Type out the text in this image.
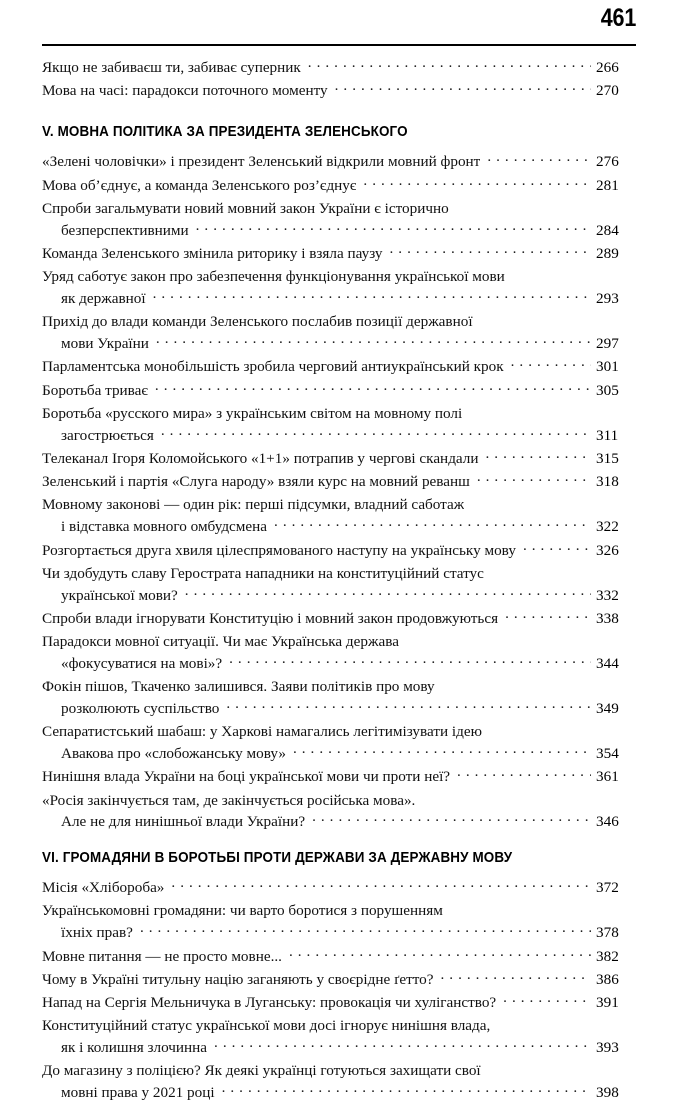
461
Якщо не забиваєш ти, забиває суперник . . .	266
Мова на часі: парадокси поточного моменту . . .	270
V. МОВНА ПОЛІТИКА ЗА ПРЕЗИДЕНТА ЗЕЛЕНСЬКОГО
«Зелені чоловічки» і президент Зеленський відкрили мовний фронт . . .	276
Мова об’єднує, а команда Зеленського роз’єднує . . .	281
Спроби загальмувати новий мовний закон України є історично
безперспективними . . .	284
Команда Зеленського змінила риторику і взяла паузу . . .	289
Уряд саботує закон про забезпечення функціонування української мови
як державної . . .	293
Прихід до влади команди Зеленського послабив позиції державної
мови України . . .	297
Парламентська монобільшість зробила черговий антиукраїнський крок . . .	301
Боротьба триває . . .	305
Боротьба «русского мира» з українським світом на мовному полі
загострюється . . .	311
Телеканал Ігоря Коломойського «1+1» потрапив у чергові скандали . . .	315
Зеленський і партія «Слуга народу» взяли курс на мовний реванш . . .	318
Мовному законові — один рік: перші підсумки, владний саботаж
і відставка мовного омбудсмена . . .	322
Розгортається друга хвиля цілеспрямованого наступу на українську мову . . .	326
Чи здобудуть славу Герострата нападники на конституційний статус
української мови? . . .	332
Спроби влади ігнорувати Конституцію і мовний закон продовжуються . . .	338
Парадокси мовної ситуації. Чи має Українська держава
«фокусуватися на мові»? . . .	344
Фокін пішов, Ткаченко залишився. Заяви політиків про мову
розколюють суспільство . . .	349
Сепаратистський шабаш: у Харкові намагались легітимізувати ідею
Авакова про «слобожанську мову» . . .	354
Нинішня влада України на боці української мови чи проти неї? . . .	361
«Росія закінчується там, де закінчується російська мова».
Але не для нинішньої влади України? . . .	346
VI. ГРОМАДЯНИ В БОРОТЬБІ ПРОТИ ДЕРЖАВИ ЗА ДЕРЖАВНУ МОВУ
Місія «Хлібороба» . . .	372
Українськомовні громадяни: чи варто боротися з порушенням
їхніх прав? . . .	378
Мовне питання — не просто мовне... . . .	382
Чому в Україні титульну націю заганяють у своєрідне ґетто? . . .	386
Напад на Сергія Мельничука в Луганську: провокація чи хуліганство? . . .	391
Конституційний статус української мови досі ігнорує нинішня влада,
як і колишня злочинна . . .	393
До магазину з поліцією? Як деякі українці готуються захищати свої
мовні права у 2021 році . . .	398
